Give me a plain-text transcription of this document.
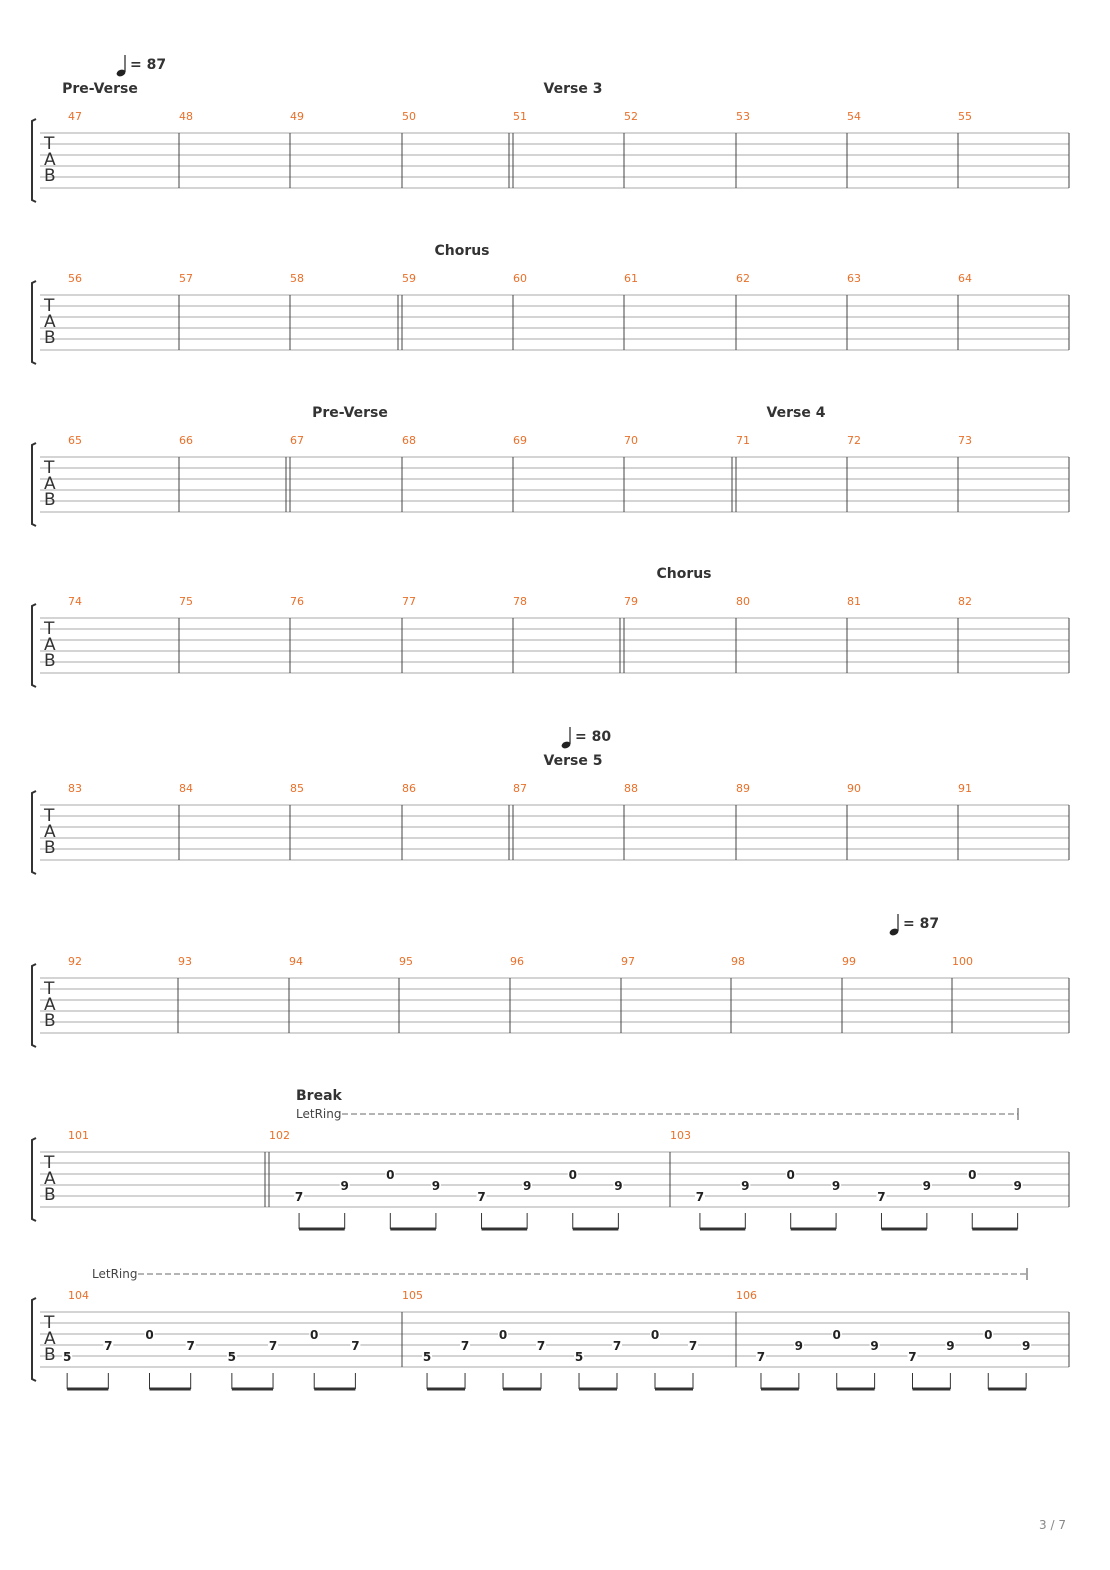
T
A
B
47	48	49	50	51	52	53	54	55
Pre-Verse	Verse 3
= 87
T
A
B
56	57	58	59	60	61	62	63	64
Chorus
T
A
B
65	66	67	68	69	70	71	72	73
Pre-Verse	Verse 4
T
A
B
74	75	76	77	78	79	80	81	82
Chorus
T
A
B
83	84	85	86	87	88	89	90	91
Verse 5
= 80
T
A
B
92	93	94	95	96	97	98	99	100
= 87
T
A
B
101	102	103
Break
LetRing
7
9
0
9
7
9
0
9
7
9
0
9
7
9
0
9
T
A
B
104	105	106
LetRing
5
7
0
7
5
7
0
7
5
7
0
7
5
7
0
7
7
9
0
9
7
9
0
9
3 / 7
